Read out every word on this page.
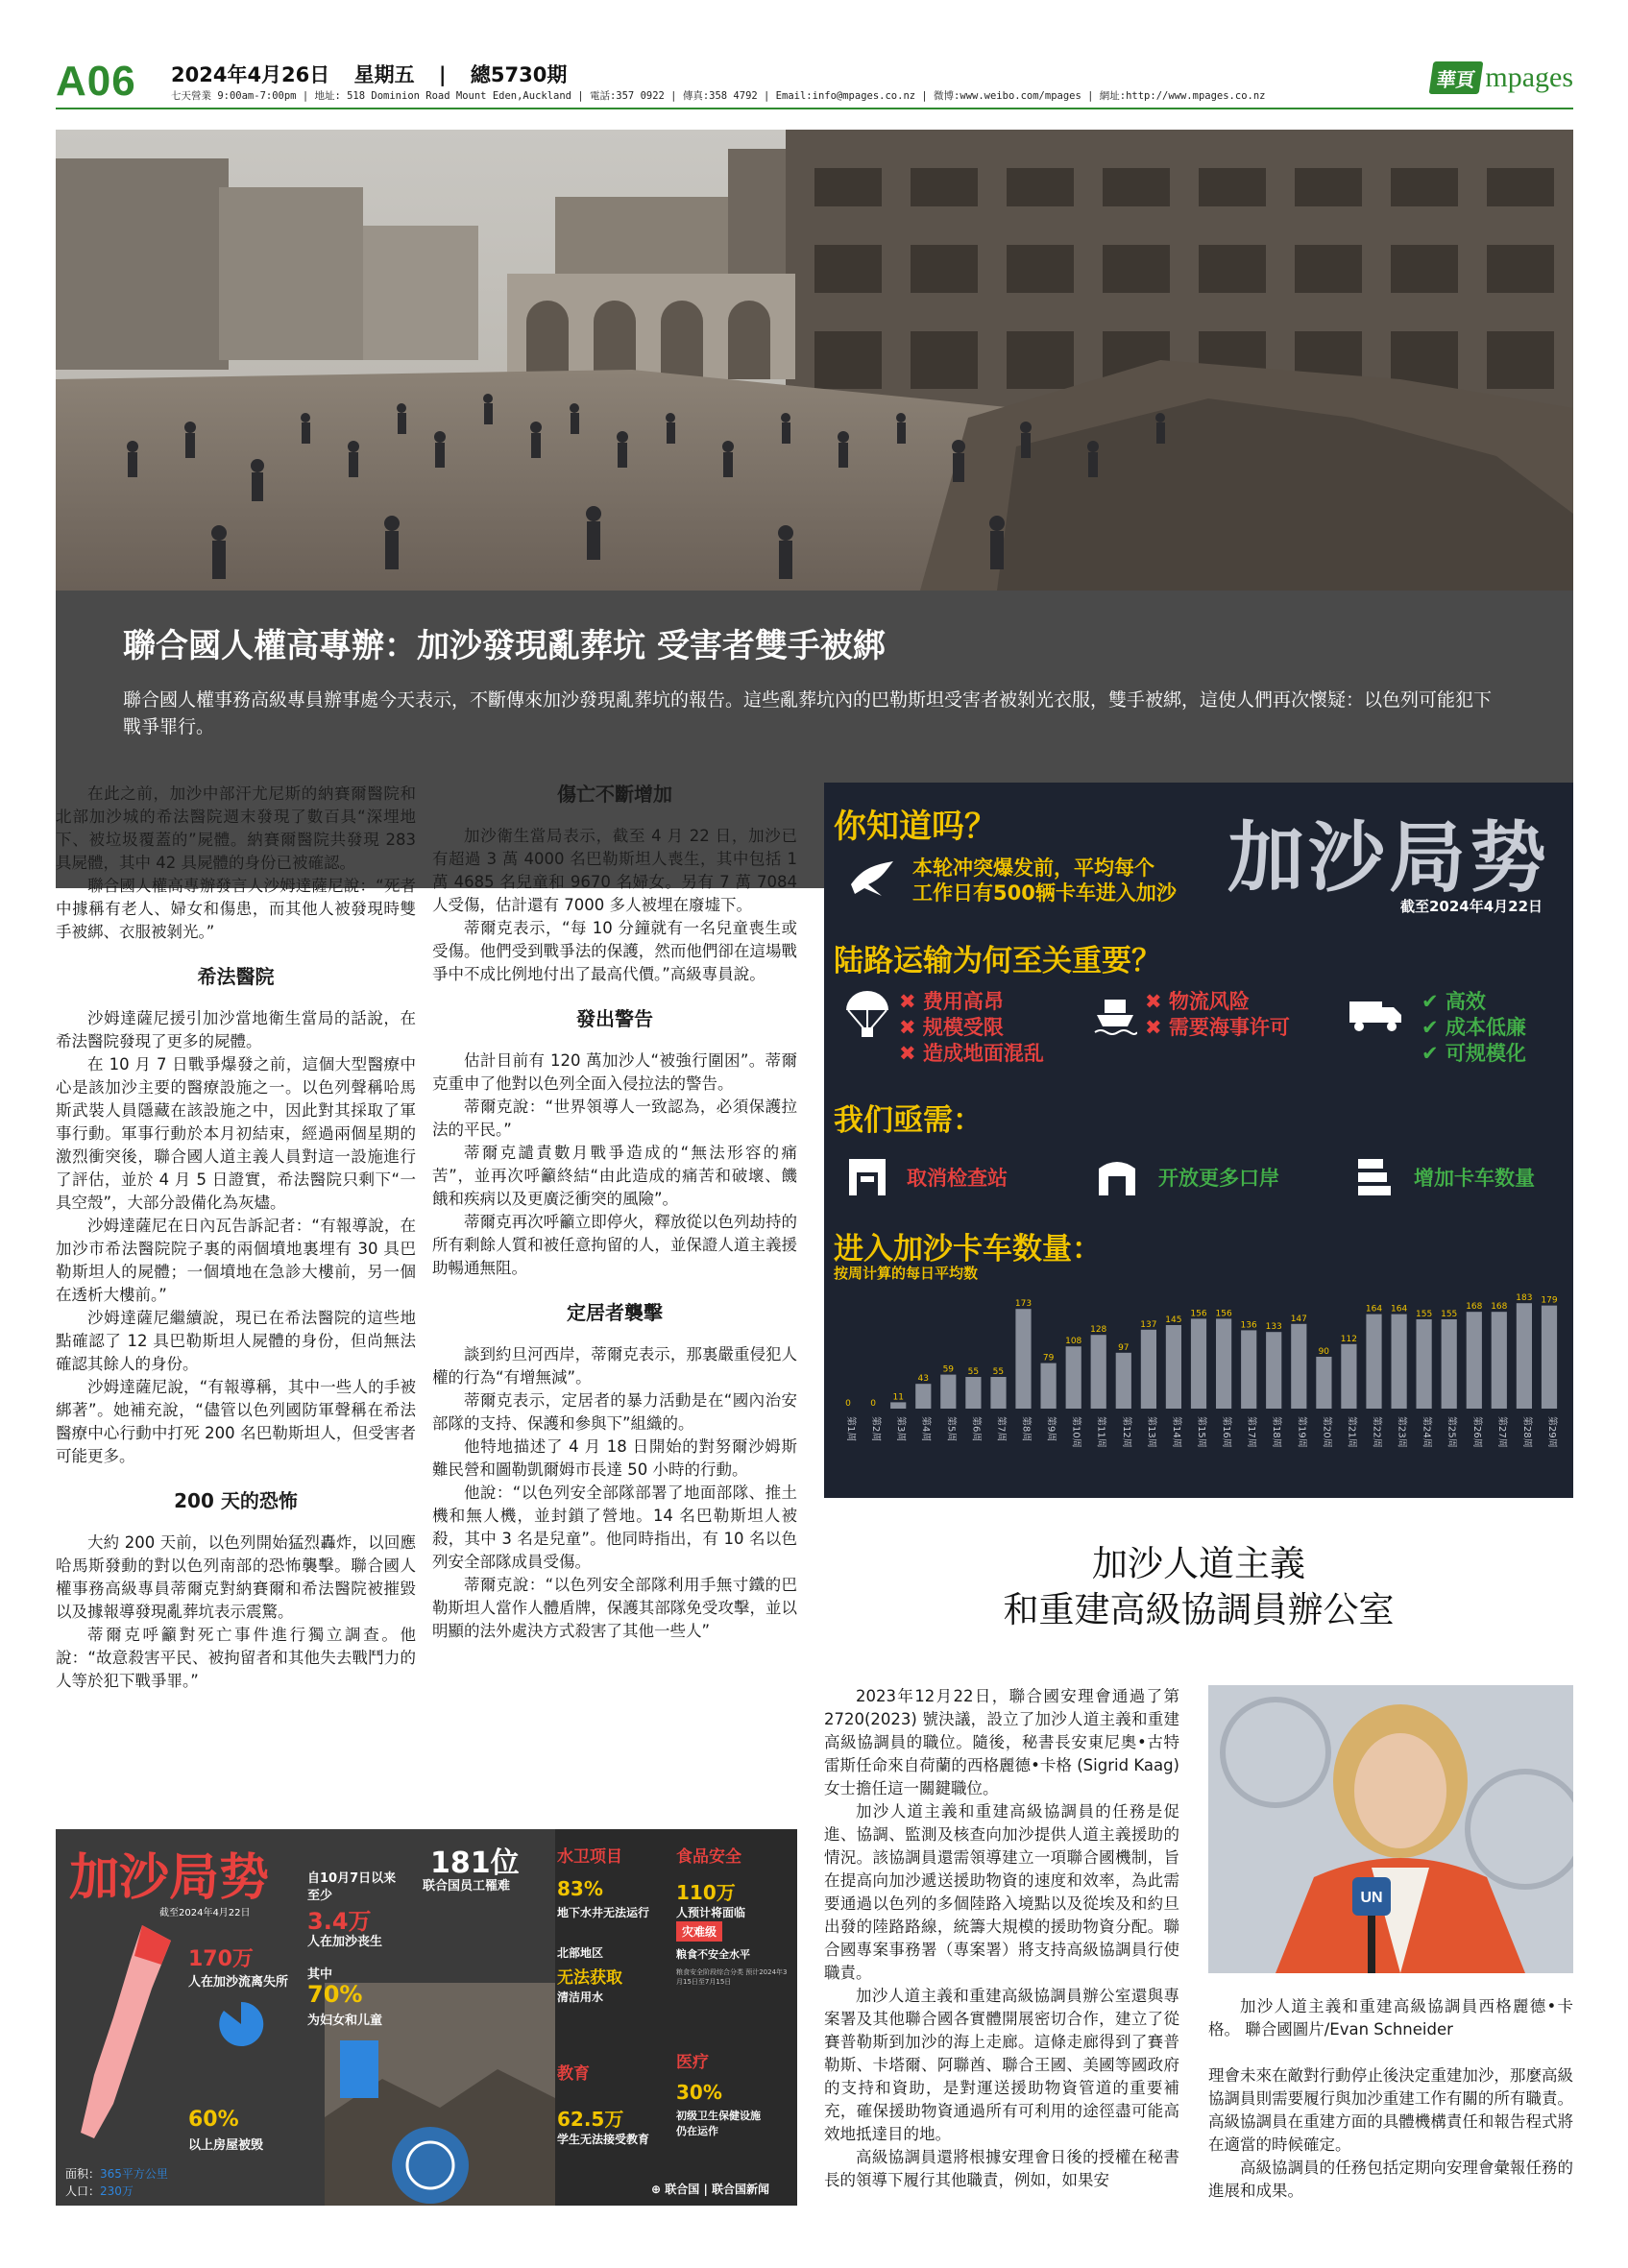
A06 2024年4月26日 星期五 | 總5730期
七天營業 9:00am-7:00pm | 地址: 518 Dominion Road Mount Eden,Auckland | 電話:357 0922 | 傳真:358 4792 | Email:info@mpages.co.nz | 微博:www.weibo.com/mpages | 網址:http://www.mpages.co.nz
華頁 mpages
聯合國人權高專辦：加沙發現亂葬坑 受害者雙手被綁
聯合國人權事務高級專員辦事處今天表示，不斷傳來加沙發現亂葬坑的報告。這些亂葬坑內的巴勒斯坦受害者被剝光衣服，雙手被綁，這使人們再次懷疑：以色列可能犯下戰爭罪行。

在此之前，加沙中部汗尤尼斯的納賽爾醫院和北部加沙城的希法醫院週末發現了數百具“深埋地下、被垃圾覆蓋的”屍體。納賽爾醫院共發現 283 具屍體，其中 42 具屍體的身份已被確認。

聯合國人權高專辦發言人沙姆達薩尼說：“死者中據稱有老人、婦女和傷患，而其他人被發現時雙手被綁、衣服被剝光。”

希法醫院

沙姆達薩尼援引加沙當地衛生當局的話說，在希法醫院發現了更多的屍體。

在 10 月 7 日戰爭爆發之前，這個大型醫療中心是該加沙主要的醫療設施之一。以色列聲稱哈馬斯武裝人員隱藏在該設施之中，因此對其採取了軍事行動。軍事行動於本月初結束，經過兩個星期的激烈衝突後，聯合國人道主義人員對這一設施進行了評估，並於 4 月 5 日證實，希法醫院只剩下“一具空殼”，大部分設備化為灰燼。

沙姆達薩尼在日內瓦告訴記者：“有報導說，在加沙市希法醫院院子裏的兩個墳地裏埋有 30 具巴勒斯坦人的屍體；一個墳地在急診大樓前，另一個在透析大樓前。”

沙姆達薩尼繼續說，現已在希法醫院的這些地點確認了 12 具巴勒斯坦人屍體的身份，但尚無法確認其餘人的身份。

沙姆達薩尼說，“有報導稱，其中一些人的手被綁著”。她補充說，“儘管以色列國防軍聲稱在希法醫療中心行動中打死 200 名巴勒斯坦人，但受害者可能更多。

200 天的恐怖

大約 200 天前，以色列開始猛烈轟炸，以回應哈馬斯發動的對以色列南部的恐怖襲擊。聯合國人權事務高級專員蒂爾克對納賽爾和希法醫院被摧毀以及據報導發現亂葬坑表示震驚。

蒂爾克呼籲對死亡事件進行獨立調查。他說：“故意殺害平民、被拘留者和其他失去戰鬥力的人等於犯下戰爭罪。”

傷亡不斷增加

加沙衛生當局表示，截至 4 月 22 日，加沙已有超過 3 萬 4000 名巴勒斯坦人喪生，其中包括 1 萬 4685 名兒童和 9670 名婦女。另有 7 萬 7084 人受傷，估計還有 7000 多人被埋在廢墟下。

蒂爾克表示，“每 10 分鐘就有一名兒童喪生或受傷。他們受到戰爭法的保護，然而他們卻在這場戰爭中不成比例地付出了最高代價。”高級專員說。

發出警告

估計目前有 120 萬加沙人“被強行圍困”。蒂爾克重申了他對以色列全面入侵拉法的警告。

蒂爾克說：“世界領導人一致認為，必須保護拉法的平民。”

蒂爾克譴責數月戰爭造成的“無法形容的痛苦”，並再次呼籲終結“由此造成的痛苦和破壞、饑餓和疾病以及更廣泛衝突的風險”。

蒂爾克再次呼籲立即停火，釋放從以色列劫持的所有剩餘人質和被任意拘留的人，並保證人道主義援助暢通無阻。

定居者襲擊

談到約旦河西岸，蒂爾克表示，那裏嚴重侵犯人權的行為“有增無減”。

蒂爾克表示，定居者的暴力活動是在“國內治安部隊的支持、保護和參與下”組織的。

他特地描述了 4 月 18 日開始的對努爾沙姆斯難民營和圖勒凱爾姆市長達 50 小時的行動。

他說：“以色列安全部隊部署了地面部隊、推土機和無人機，並封鎖了營地。14 名巴勒斯坦人被殺，其中 3 名是兒童”。他同時指出，有 10 名以色列安全部隊成員受傷。

蒂爾克說：“以色列安全部隊利用手無寸鐵的巴勒斯坦人當作人體盾牌，保護其部隊免受攻擊，並以明顯的法外處決方式殺害了其他一些人”

你知道吗？	加沙局势
截至2024年4月22日
本轮冲突爆发前，平均每个
工作日有500辆卡车进入加沙
陆路运输为何至关重要？
✖ 费用高昂
✖ 规模受限
✖ 造成地面混乱
✖ 物流风险
✖ 需要海事许可
✔ 高效
✔ 成本低廉
✔ 可规模化
我们亟需：
取消检查站	开放更多口岸	增加卡车数量
进入加沙卡车数量：
按周计算的每日平均数
0
第1周
0
第2周
11
第3周
43
第4周
59
第5周
55
第6周
55
第7周
173
第8周
79
第9周
108
第10周
128
第11周
97
第12周
137
第13周
145
第14周
156
第15周
156
第16周
136
第17周
133
第18周
147
第19周
90
第20周
112
第21周
164
第22周
164
第23周
155
第24周
155
第25周
168
第26周
168
第27周
183
第28周
179
第29周
加沙人道主義
和重建高級協調員辦公室

2023年12月22日，聯合國安理會通過了第2720(2023) 號決議，設立了加沙人道主義和重建高級協調員的職位。隨後，秘書長安東尼奧•古特雷斯任命來自荷蘭的西格麗德•卡格 (Sigrid Kaag) 女士擔任這一關鍵職位。

加沙人道主義和重建高級協調員的任務是促進、協調、監測及核查向加沙提供人道主義援助的情況。該協調員還需領導建立一項聯合國機制，旨在提高向加沙遞送援助物資的速度和效率，為此需要通過以色列的多個陸路入境點以及從埃及和約旦出發的陸路路線，統籌大規模的援助物資分配。聯合國專案事務署（專案署）將支持高級協調員行使職責。

加沙人道主義和重建高級協調員辦公室還與專案署及其他聯合國各實體開展密切合作，建立了從賽普勒斯到加沙的海上走廊。這條走廊得到了賽普勒斯、卡塔爾、阿聯酋、聯合王國、美國等國政府的支持和資助，是對運送援助物資管道的重要補充，確保援助物資通過所有可利用的途徑盡可能高效地抵達目的地。

高級協調員還將根據安理會日後的授權在秘書長的領導下履行其他職責，例如，如果安

UN
加沙人道主義和重建高級協調員西格麗德•卡格。 聯合國圖片/Evan Schneider

理會未來在敵對行動停止後決定重建加沙，那麼高級協調員則需要履行與加沙重建工作有關的所有職責。高級協調員在重建方面的具體機構責任和報告程式將在適當的時候確定。

高級協調員的任務包括定期向安理會彙報任務的進展和成果。

加沙局势
截至2024年4月22日
自10月7日以来
至少
3.4万
人在加沙丧生
其中
70%
为妇女和儿童
170万
人在加沙流离失所
60%
以上房屋被毁
面积：365平方公里
人口：230万
181位
联合国员工罹难
水卫项目
83%
地下水井无法运行
北部地区
无法获取
清洁用水
教育
62.5万
学生无法接受教育
食品安全
110万
人预计将面临
灾难级
粮食不安全水平
粮食安全阶段综合分类 预计2024年3月15日至7月15日
医疗
30%
初级卫生保健设施
仍在运作
⊕ 联合国 | 联合国新闻
